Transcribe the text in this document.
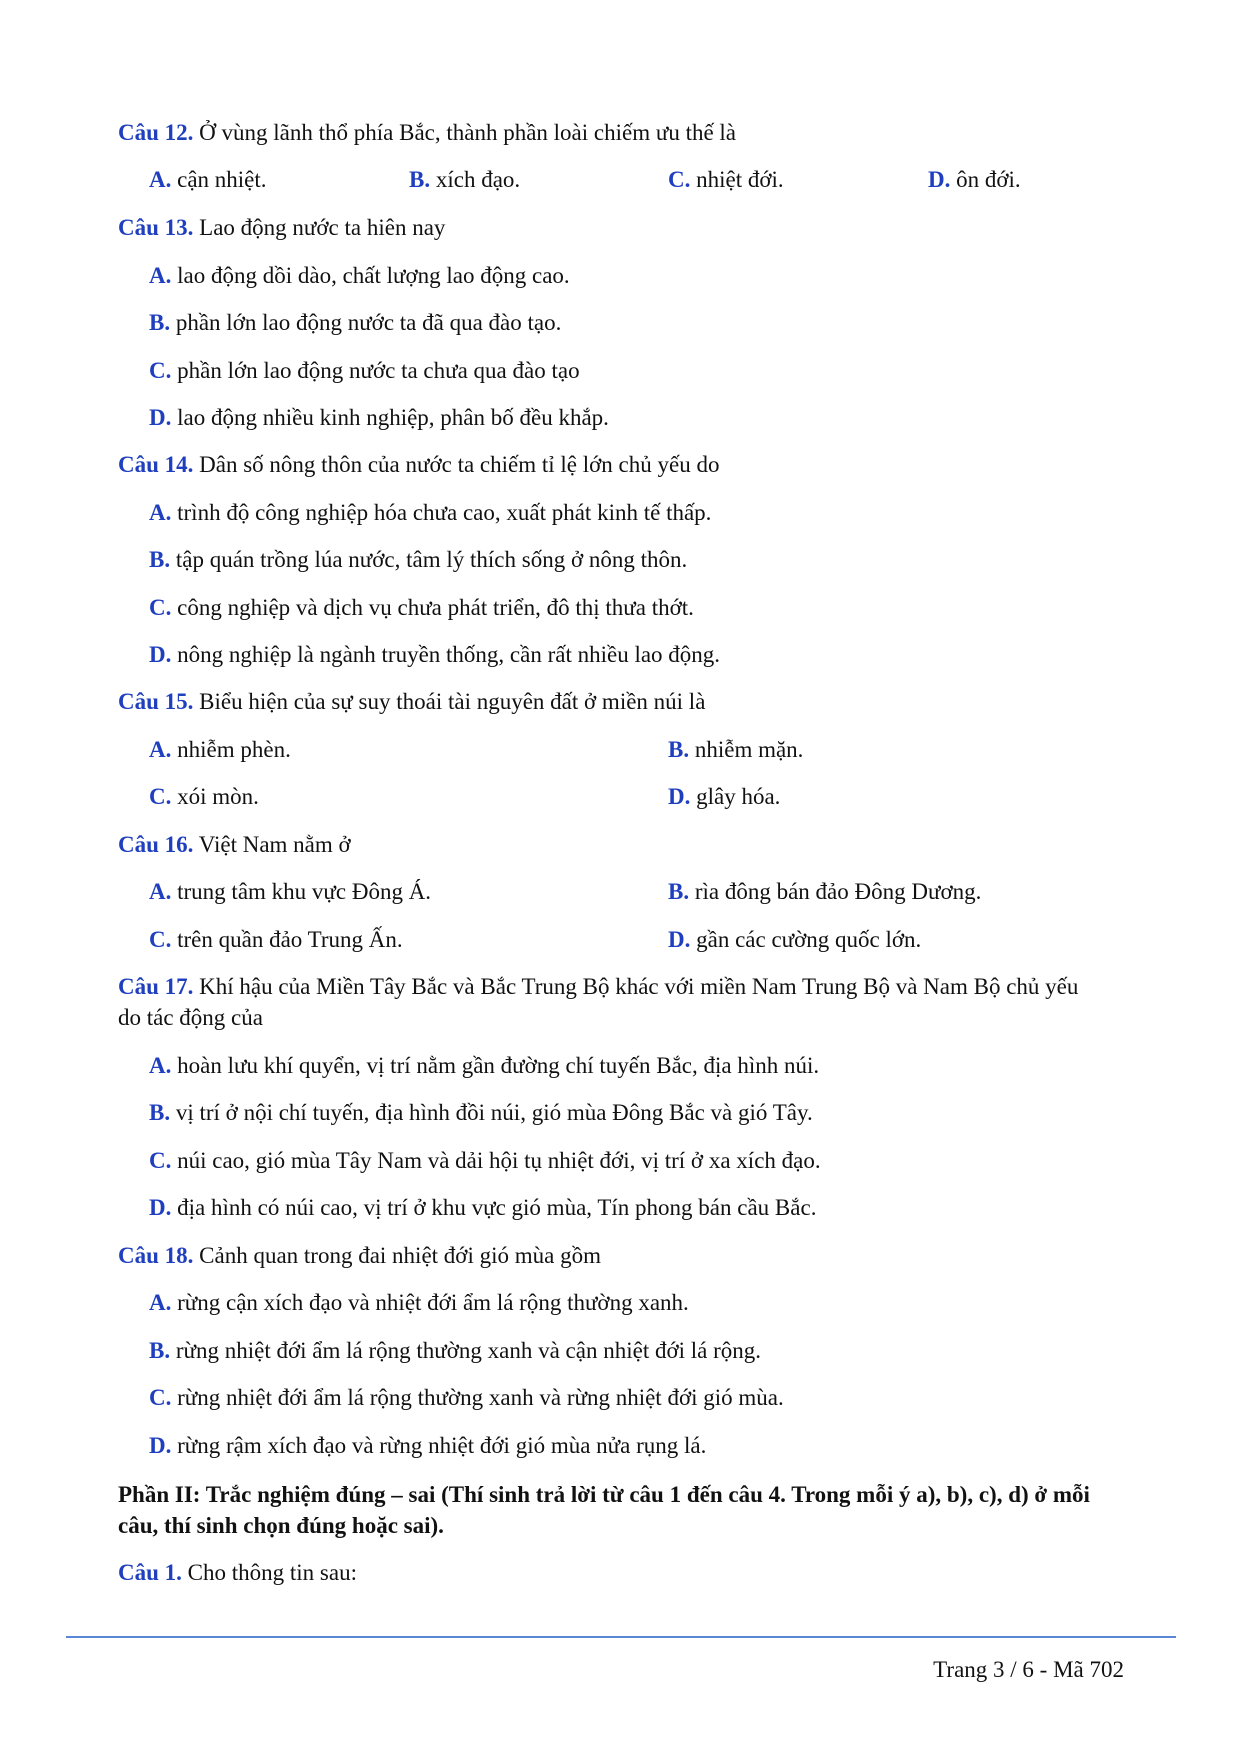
Câu 12. Ở vùng lãnh thổ phía Bắc, thành phần loài chiếm ưu thế là
A. cận nhiệt.	B. xích đạo.	C. nhiệt đới.	D. ôn đới.
Câu 13. Lao động nước ta hiên nay
A. lao động dồi dào, chất lượng lao động cao.
B. phần lớn lao động nước ta đã qua đào tạo.
C. phần lớn lao động nước ta chưa qua đào tạo
D. lao động nhiều kinh nghiệp, phân bố đều khắp.
Câu 14. Dân số nông thôn của nước ta chiếm tỉ lệ lớn chủ yếu do
A. trình độ công nghiệp hóa chưa cao, xuất phát kinh tế thấp.
B. tập quán trồng lúa nước, tâm lý thích sống ở nông thôn.
C. công nghiệp và dịch vụ chưa phát triển, đô thị thưa thớt.
D. nông nghiệp là ngành truyền thống, cần rất nhiều lao động.
Câu 15. Biểu hiện của sự suy thoái tài nguyên đất ở miền núi là
A. nhiễm phèn.	B. nhiễm mặn.
C. xói mòn.	D. glây hóa.
Câu 16. Việt Nam nằm ở
A. trung tâm khu vực Đông Á.	B. rìa đông bán đảo Đông Dương.
C. trên quần đảo Trung Ấn.	D. gần các cường quốc lớn.
Câu 17. Khí hậu của Miền Tây Bắc và Bắc Trung Bộ khác với miền Nam Trung Bộ và Nam Bộ chủ yếu do tác động của
A. hoàn lưu khí quyển, vị trí nằm gần đường chí tuyến Bắc, địa hình núi.
B. vị trí ở nội chí tuyến, địa hình đồi núi, gió mùa Đông Bắc và gió Tây.
C. núi cao, gió mùa Tây Nam và dải hội tụ nhiệt đới, vị trí ở xa xích đạo.
D. địa hình có núi cao, vị trí ở khu vực gió mùa, Tín phong bán cầu Bắc.
Câu 18. Cảnh quan trong đai nhiệt đới gió mùa gồm
A. rừng cận xích đạo và nhiệt đới ẩm lá rộng thường xanh.
B. rừng nhiệt đới ẩm lá rộng thường xanh và cận nhiệt đới lá rộng.
C. rừng nhiệt đới ẩm lá rộng thường xanh và rừng nhiệt đới gió mùa.
D. rừng rậm xích đạo và rừng nhiệt đới gió mùa nửa rụng lá.
Phần II: Trắc nghiệm đúng – sai (Thí sinh trả lời từ câu 1 đến câu 4. Trong mỗi ý a), b), c), d) ở mỗi câu, thí sinh chọn đúng hoặc sai).
Câu 1. Cho thông tin sau:
Trang 3 / 6 - Mã 702
